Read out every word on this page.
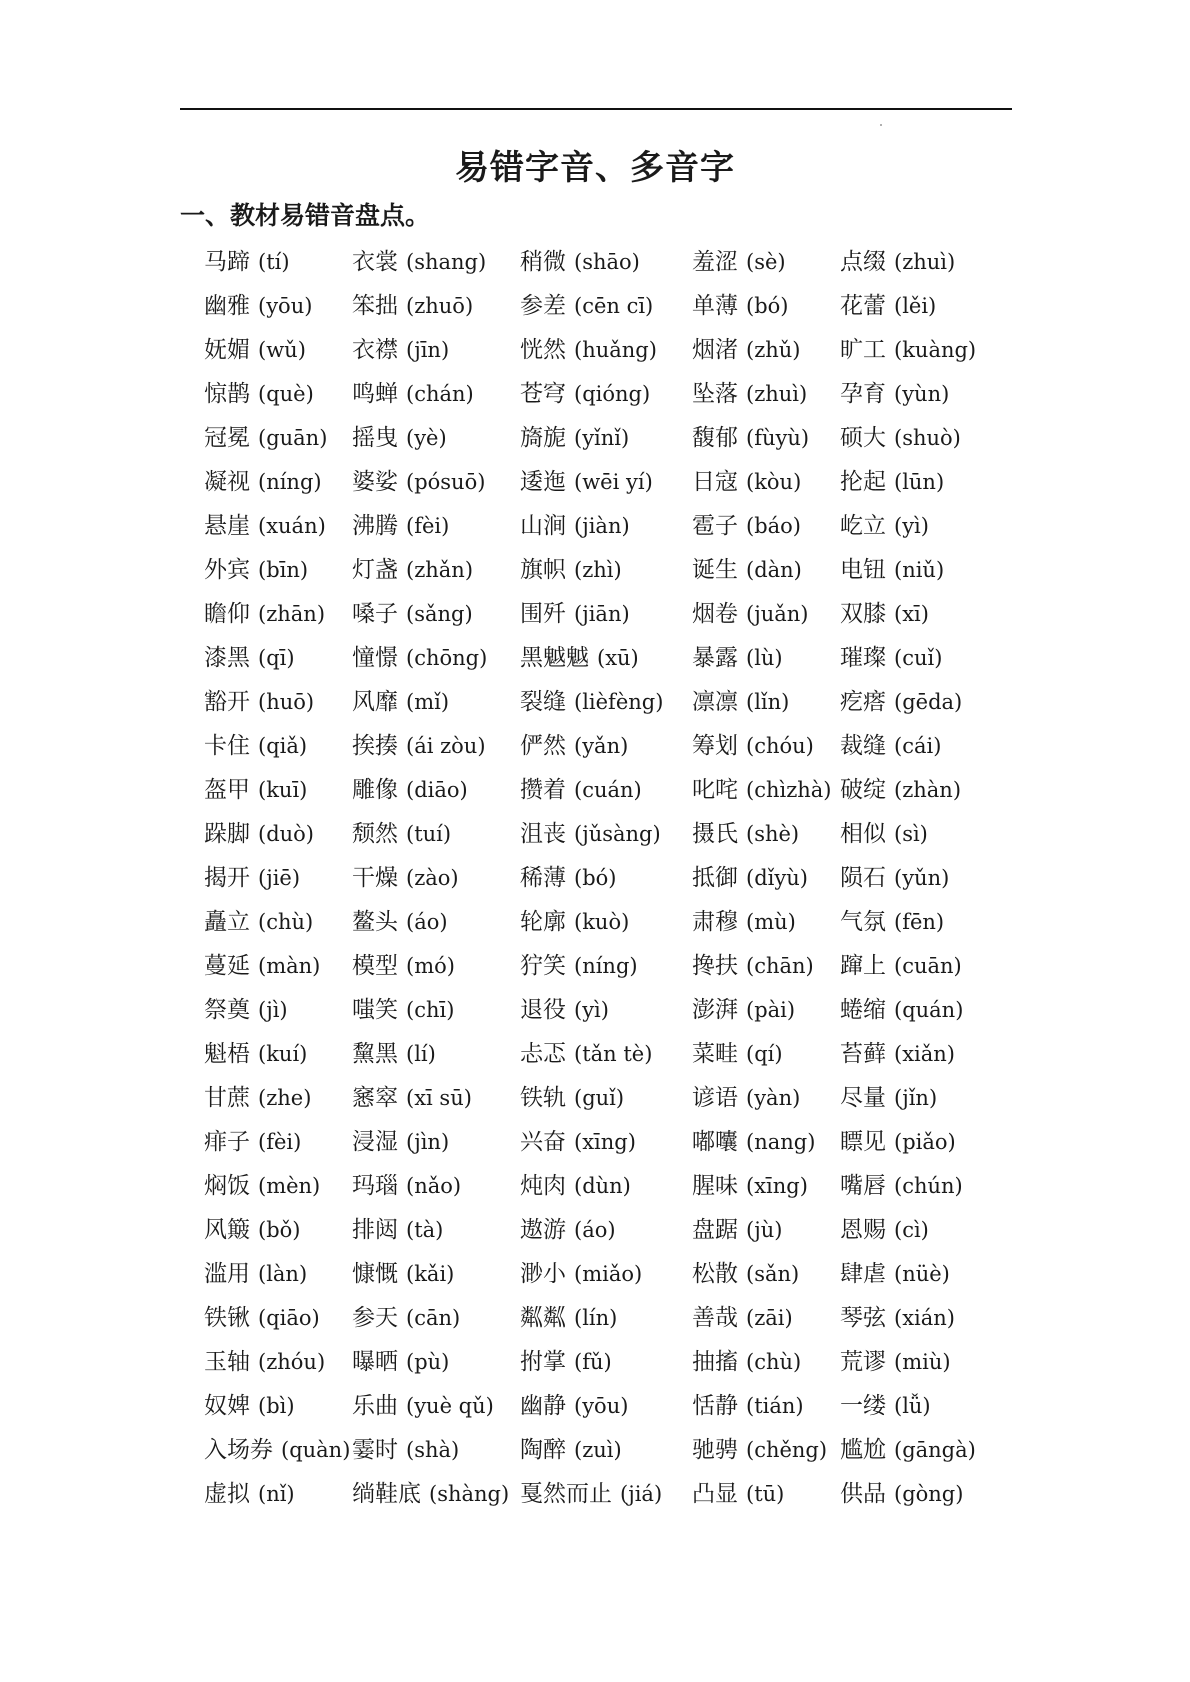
易错字音、多音字
一、教材易错音盘点。
马蹄 (tí)	衣裳 (shang) 稍微 (shāo) 羞涩 (sè) 点缀 (zhuì)
幽雅 (yōu) 笨拙 (zhuō) 参差 (cēn cī) 单薄 (bó) 花蕾 (lěi)
妩媚 (wǔ) 衣襟 (jīn)	恍然 (huǎng) 烟渚 (zhǔ) 旷工 (kuàng)
惊鹊 (què) 鸣蝉 (chán) 苍穹 (qióng) 坠落 (zhuì) 孕育 (yùn)
冠冕 (guān) 摇曳 (yè)	旖旎 (yǐnǐ)	馥郁 (fùyù) 硕大 (shuò)
凝视 (níng) 婆娑 (pósuō) 逶迤 (wēi yí) 日寇 (kòu) 抡起 (lūn)
悬崖 (xuán) 沸腾 (fèi)	山涧 (jiàn)	雹子 (báo) 屹立 (yì)
外宾 (bīn) 灯盏 (zhǎn) 旗帜 (zhì)	诞生 (dàn) 电钮 (niǔ)
瞻仰 (zhān) 嗓子 (sǎng) 围歼 (jiān)	烟卷 (juǎn) 双膝 (xī)
漆黑 (qī) 憧憬 (chōng) 黑魆魆 (xū) 暴露 (lù) 璀璨 (cuǐ)
豁开 (huō) 风靡 (mǐ)	裂缝 (lièfèng) 凛凛 (lǐn) 疙瘩 (gēda)
卡住 (qiǎ) 挨揍 (ái zòu) 俨然 (yǎn)	筹划 (chóu) 裁缝 (cái)
盔甲 (kuī) 雕像 (diāo) 攒着 (cuán) 叱咤 (chìzhà) 破绽 (zhàn)
跺脚 (duò) 颓然 (tuí)	沮丧 (jǔsàng) 摄氏 (shè) 相似 (sì)
揭开 (jiē) 干燥 (zào)	稀薄 (bó)	抵御 (dǐyù) 陨石 (yǔn)
矗立 (chù) 鳌头 (áo)	轮廓 (kuò)	肃穆 (mù) 气氛 (fēn)
蔓延 (màn) 模型 (mó)	狞笑 (níng) 搀扶 (chān) 蹿上 (cuān)
祭奠 (jì)	嗤笑 (chī)	退役 (yì)	澎湃 (pài) 蜷缩 (quán)
魁梧 (kuí) 黧黑 (lí)	忐忑 (tǎn tè) 菜畦 (qí) 苔藓 (xiǎn)
甘蔗 (zhe) 窸窣 (xī sū) 铁轨 (guǐ)	谚语 (yàn) 尽量 (jǐn)
痱子 (fèi) 浸湿 (jìn)	兴奋 (xīng) 嘟囔 (nang) 瞟见 (piǎo)
焖饭 (mèn) 玛瑙 (nǎo)	炖肉 (dùn)	腥味 (xīng) 嘴唇 (chún)
风簸 (bǒ) 排闼 (tà)	遨游 (áo)	盘踞 (jù)	恩赐 (cì)
滥用 (làn) 慷慨 (kǎi)	渺小 (miǎo) 松散 (sǎn) 肆虐 (nüè)
铁锹 (qiāo) 参天 (cān)	粼粼 (lín)	善哉 (zāi) 琴弦 (xián)
玉轴 (zhóu) 曝晒 (pù)	拊掌 (fǔ)	抽搐 (chù) 荒谬 (miù)
奴婢 (bì) 乐曲 (yuè qǔ) 幽静 (yōu)	恬静 (tián) 一缕 (lǚ)
入场券 (quàn) 霎时 (shà)	陶醉 (zuì)	驰骋 (chěng) 尴尬 (gāngà)
虚拟 (nǐ) 绱鞋底 (shàng) 戛然而止 (jiá) 凸显 (tū) 供品 (gòng)
